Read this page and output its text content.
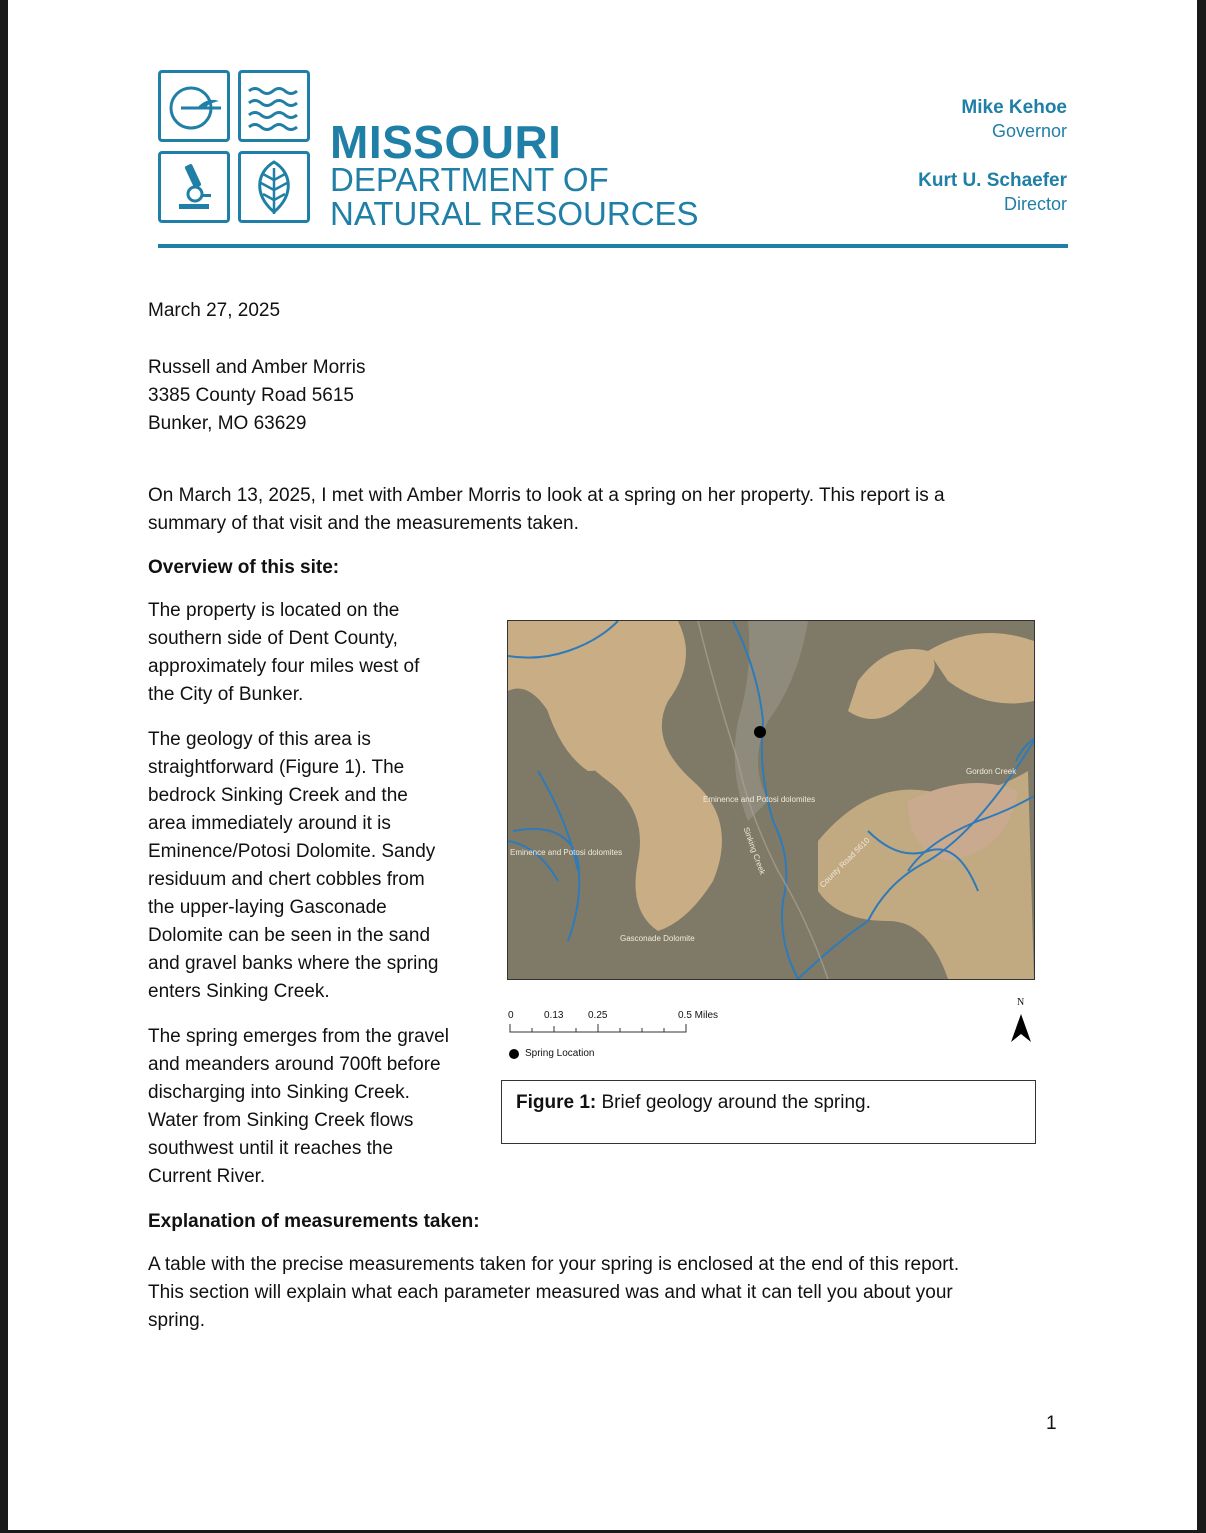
MISSOURI
DEPARTMENT OF
NATURAL RESOURCES
Mike Kehoe
Governor
Kurt U. Schaefer
Director
March 27, 2025
Russell and Amber Morris
3385 County Road 5615
Bunker, MO 63629
On March 13, 2025, I met with Amber Morris to look at a spring on her property. This report is a
summary of that visit and the measurements taken.
Overview of this site:
The property is located on the
southern side of Dent County,
approximately four miles west of
the City of Bunker.
The geology of this area is
straightforward (Figure 1). The
bedrock Sinking Creek and the
area immediately around it is
Eminence/Potosi Dolomite. Sandy
residuum and chert cobbles from
the upper-laying Gasconade
Dolomite can be seen in the sand
and gravel banks where the spring
enters Sinking Creek.
The spring emerges from the gravel
and meanders around 700ft before
discharging into Sinking Creek.
Water from Sinking Creek flows
southwest until it reaches the
Current River.
Eminence and Potosi dolomites
Eminence and Potosi dolomites
Gasconade Dolomite
Sinking Creek	County Road 5610
Gordon Creek
0	0.13 0.25	0.5 Miles
N
Spring Location
Figure 1: Brief geology around the spring.
Explanation of measurements taken:
A table with the precise measurements taken for your spring is enclosed at the end of this report.
This section will explain what each parameter measured was and what it can tell you about your
spring.
1
